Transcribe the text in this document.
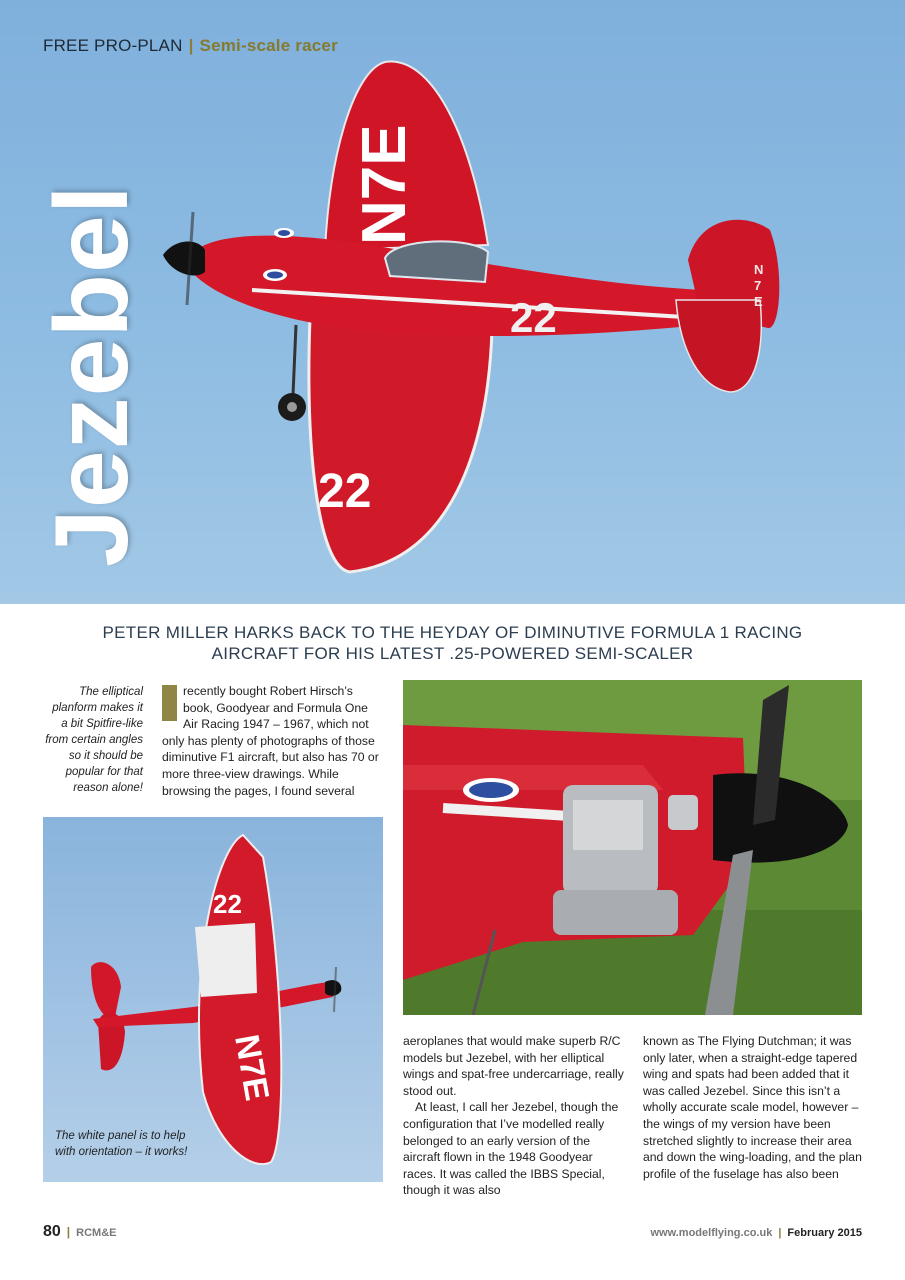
N7E
22
22
N
7
E
FREE PRO-PLAN | Semi-scale racer
Jezebel
PETER MILLER HARKS BACK TO THE HEYDAY OF DIMINUTIVE FORMULA 1 RACING AIRCRAFT FOR HIS LATEST .25-POWERED SEMI-SCALER
The elliptical planform makes it a bit Spitfire-like from certain angles so it should be popular for that reason alone!
recently bought Robert Hirsch’s book, Goodyear and Formula One Air Racing 1947 – 1967, which not only has plenty of photographs of those diminutive F1 aircraft, but also has 70 or more three-view drawings. While browsing the pages, I found several
22
N7E
The white panel is to help with orientation – it works!
aeroplanes that would make superb R/C models but Jezebel, with her elliptical wings and spat-free undercarriage, really stood out.
At least, I call her Jezebel, though the configuration that I’ve modelled really belonged to an early version of the aircraft flown in the 1948 Goodyear races. It was called the IBBS Special, though it was also
known as The Flying Dutchman; it was only later, when a straight-edge tapered wing and spats had been added that it was called Jezebel. Since this isn’t a wholly accurate scale model, however – the wings of my version have been stretched slightly to increase their area and down the wing-loading, and the plan profile of the fuselage has also been
80 | RCM&E	www.modelflying.co.uk | February 2015
